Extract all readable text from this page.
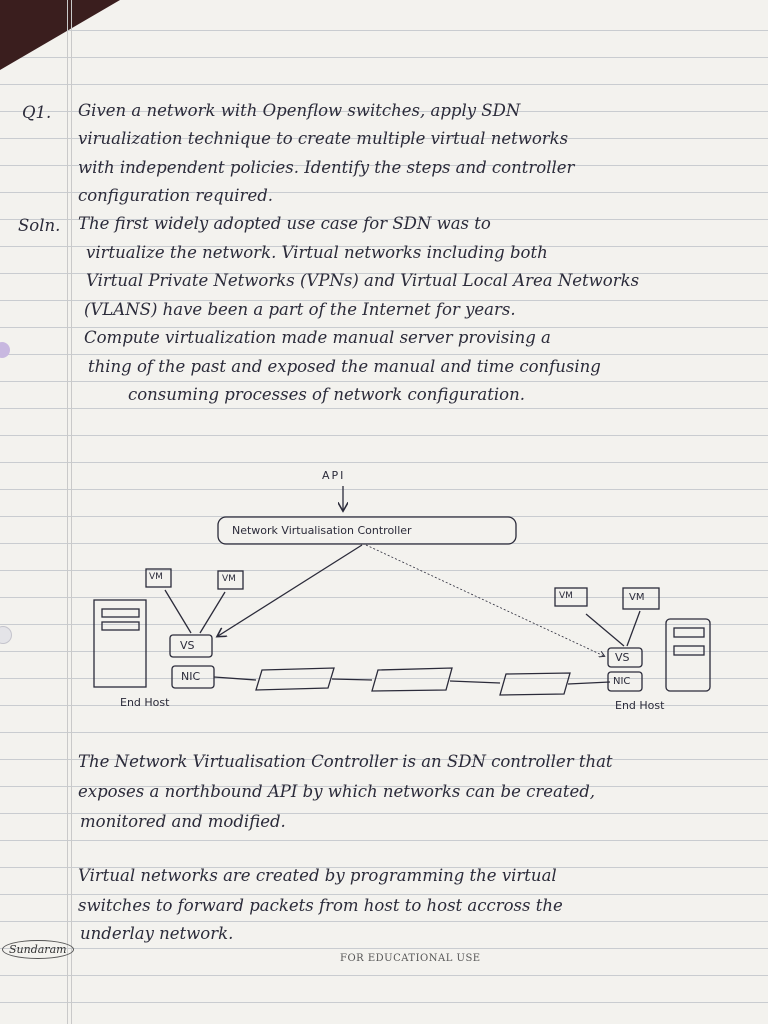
Q1. Given a network with Openflow switches, apply SDN
virualization technique to create multiple virtual networks
with independent policies. Identify the steps and controller
configuration required.
Soln. The first widely adopted use case for SDN was to
virtualize the network. Virtual networks including both
Virtual Private Networks (VPNs) and Virtual Local Area Networks
(VLANS) have been a part of the Internet for years.
Compute virtualization made manual server provising a
thing of the past and exposed the manual and time confusing
consuming processes of network configuration.
API
Network Virtualisation Controller
VM	VM
VM	VM
VS
NIC
VS
NIC
End Host	End Host
The Network Virtualisation Controller is an SDN controller that
exposes a northbound API by which networks can be created,
monitored and modified.
Virtual networks are created by programming the virtual
switches to forward packets from host to host accross the
underlay network.
Sundaram
FOR EDUCATIONAL USE
